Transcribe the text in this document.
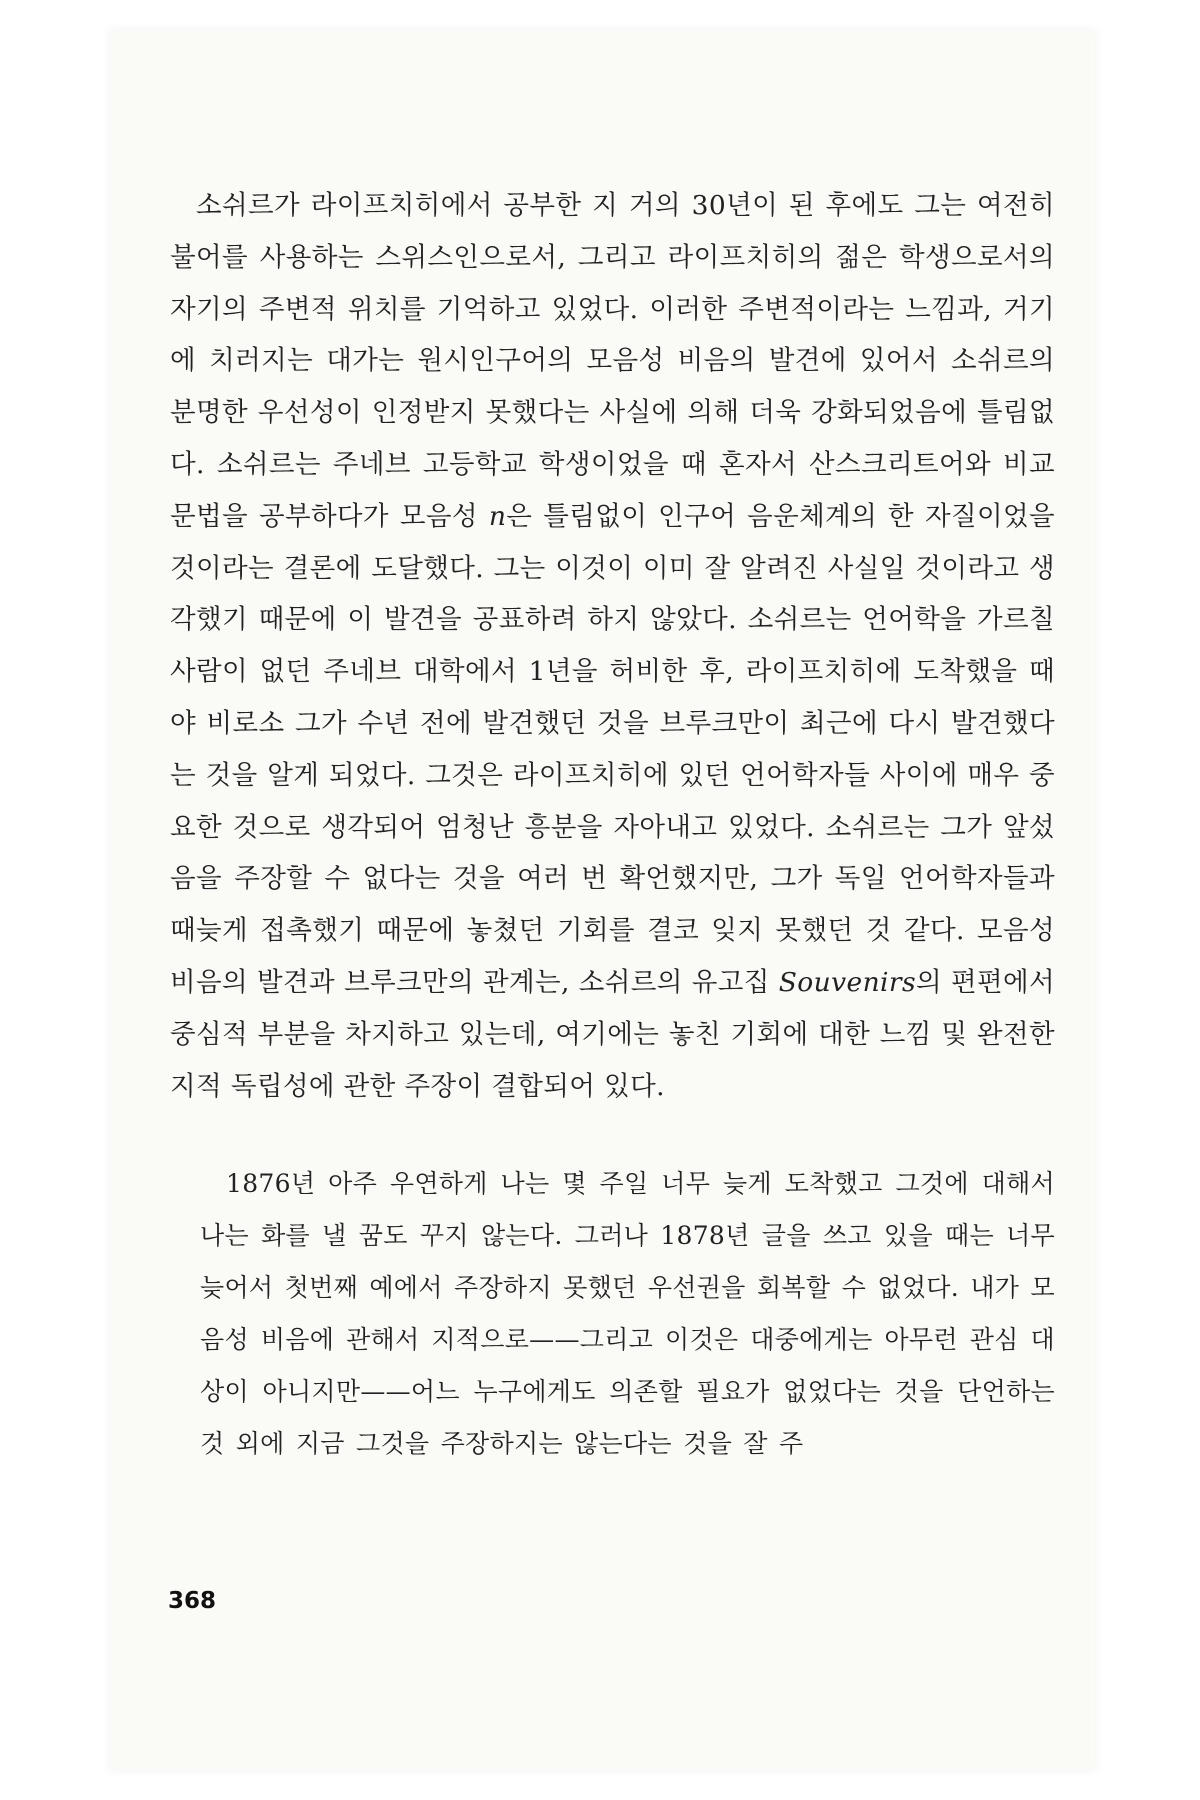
소쉬르가 라이프치히에서 공부한 지 거의 30년이 된 후에도 그는 여전히 불어를 사용하는 스위스인으로서, 그리고 라이프치히의 젊은 학생으로서의 자기의 주변적 위치를 기억하고 있었다. 이러한 주변적이라는 느낌과, 거기에 치러지는 대가는 원시인구어의 모음성 비음의 발견에 있어서 소쉬르의 분명한 우선성이 인정받지 못했다는 사실에 의해 더욱 강화되었음에 틀림없다. 소쉬르는 주네브 고등학교 학생이었을 때 혼자서 산스크리트어와 비교문법을 공부하다가 모음성 n은 틀림없이 인구어 음운체계의 한 자질이었을 것이라는 결론에 도달했다. 그는 이것이 이미 잘 알려진 사실일 것이라고 생각했기 때문에 이 발견을 공표하려 하지 않았다. 소쉬르는 언어학을 가르칠 사람이 없던 주네브 대학에서 1년을 허비한 후, 라이프치히에 도착했을 때야 비로소 그가 수년 전에 발견했던 것을 브루크만이 최근에 다시 발견했다는 것을 알게 되었다. 그것은 라이프치히에 있던 언어학자들 사이에 매우 중요한 것으로 생각되어 엄청난 흥분을 자아내고 있었다. 소쉬르는 그가 앞섰음을 주장할 수 없다는 것을 여러 번 확언했지만, 그가 독일 언어학자들과 때늦게 접촉했기 때문에 놓쳤던 기회를 결코 잊지 못했던 것 같다. 모음성 비음의 발견과 브루크만의 관계는, 소쉬르의 유고집 Souvenirs의 편편에서 중심적 부분을 차지하고 있는데, 여기에는 놓친 기회에 대한 느낌 및 완전한 지적 독립성에 관한 주장이 결합되어 있다.

1876년 아주 우연하게 나는 몇 주일 너무 늦게 도착했고 그것에 대해서 나는 화를 낼 꿈도 꾸지 않는다. 그러나 1878년 글을 쓰고 있을 때는 너무 늦어서 첫번째 예에서 주장하지 못했던 우선권을 회복할 수 없었다. 내가 모음성 비음에 관해서 지적으로——그리고 이것은 대중에게는 아무런 관심 대상이 아니지만——어느 누구에게도 의존할 필요가 없었다는 것을 단언하는 것 외에 지금 그것을 주장하지는 않는다는 것을 잘 주

368
